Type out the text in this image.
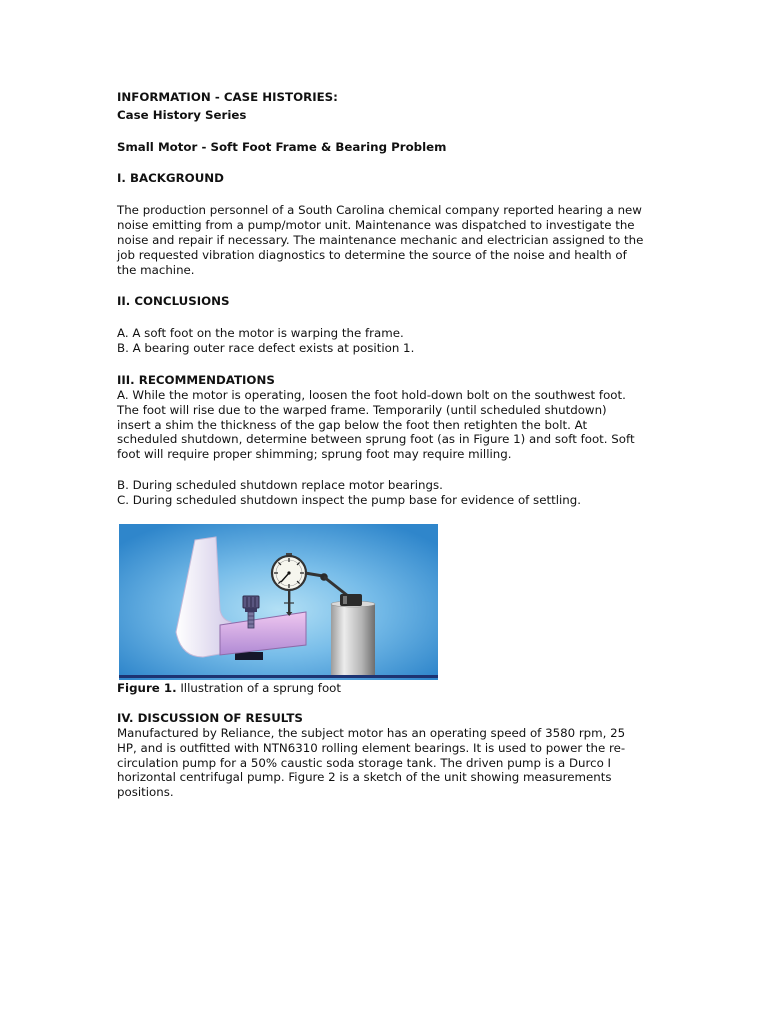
INFORMATION - CASE HISTORIES:
Case History Series
Small Motor - Soft Foot Frame & Bearing Problem
I. BACKGROUND
The production personnel of a South Carolina chemical company reported hearing a new
noise emitting from a pump/motor unit. Maintenance was dispatched to investigate the
noise and repair if necessary. The maintenance mechanic and electrician assigned to the
job requested vibration diagnostics to determine the source of the noise and health of
the machine.
II. CONCLUSIONS
A. A soft foot on the motor is warping the frame.
B. A bearing outer race defect exists at position 1.
III. RECOMMENDATIONS
A. While the motor is operating, loosen the foot hold-down bolt on the southwest foot.
The foot will rise due to the warped frame. Temporarily (until scheduled shutdown)
insert a shim the thickness of the gap below the foot then retighten the bolt. At
scheduled shutdown, determine between sprung foot (as in Figure 1) and soft foot. Soft
foot will require proper shimming; sprung foot may require milling.
B. During scheduled shutdown replace motor bearings.
C. During scheduled shutdown inspect the pump base for evidence of settling.
Figure 1. Illustration of a sprung foot
IV. DISCUSSION OF RESULTS
Manufactured by Reliance, the subject motor has an operating speed of 3580 rpm, 25
HP, and is outfitted with NTN6310 rolling element bearings. It is used to power the re-
circulation pump for a 50% caustic soda storage tank. The driven pump is a Durco I
horizontal centrifugal pump. Figure 2 is a sketch of the unit showing measurements
positions.
